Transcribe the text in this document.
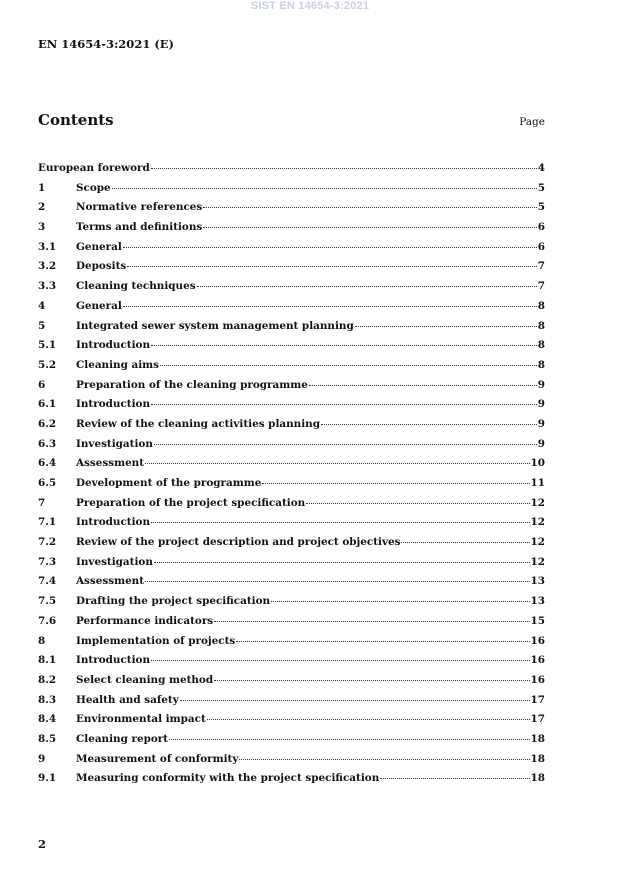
SIST EN 14654-3:2021
EN 14654-3:2021 (E)
Contents	Page
European foreword	4
1	Scope	5
2	Normative references	5
3	Terms and definitions	6
3.1	General	6
3.2	Deposits	7
3.3	Cleaning techniques	7
4	General	8
5	Integrated sewer system management planning	8
5.1	Introduction	8
5.2	Cleaning aims	8
6	Preparation of the cleaning programme	9
6.1	Introduction	9
6.2	Review of the cleaning activities planning	9
6.3	Investigation	9
6.4	Assessment	10
6.5	Development of the programme	11
7	Preparation of the project specification	12
7.1	Introduction	12
7.2	Review of the project description and project objectives	12
7.3	Investigation	12
7.4	Assessment	13
7.5	Drafting the project specification	13
7.6	Performance indicators	15
8	Implementation of projects	16
8.1	Introduction	16
8.2	Select cleaning method	16
8.3	Health and safety	17
8.4	Environmental impact	17
8.5	Cleaning report	18
9	Measurement of conformity	18
9.1	Measuring conformity with the project specification	18
2
